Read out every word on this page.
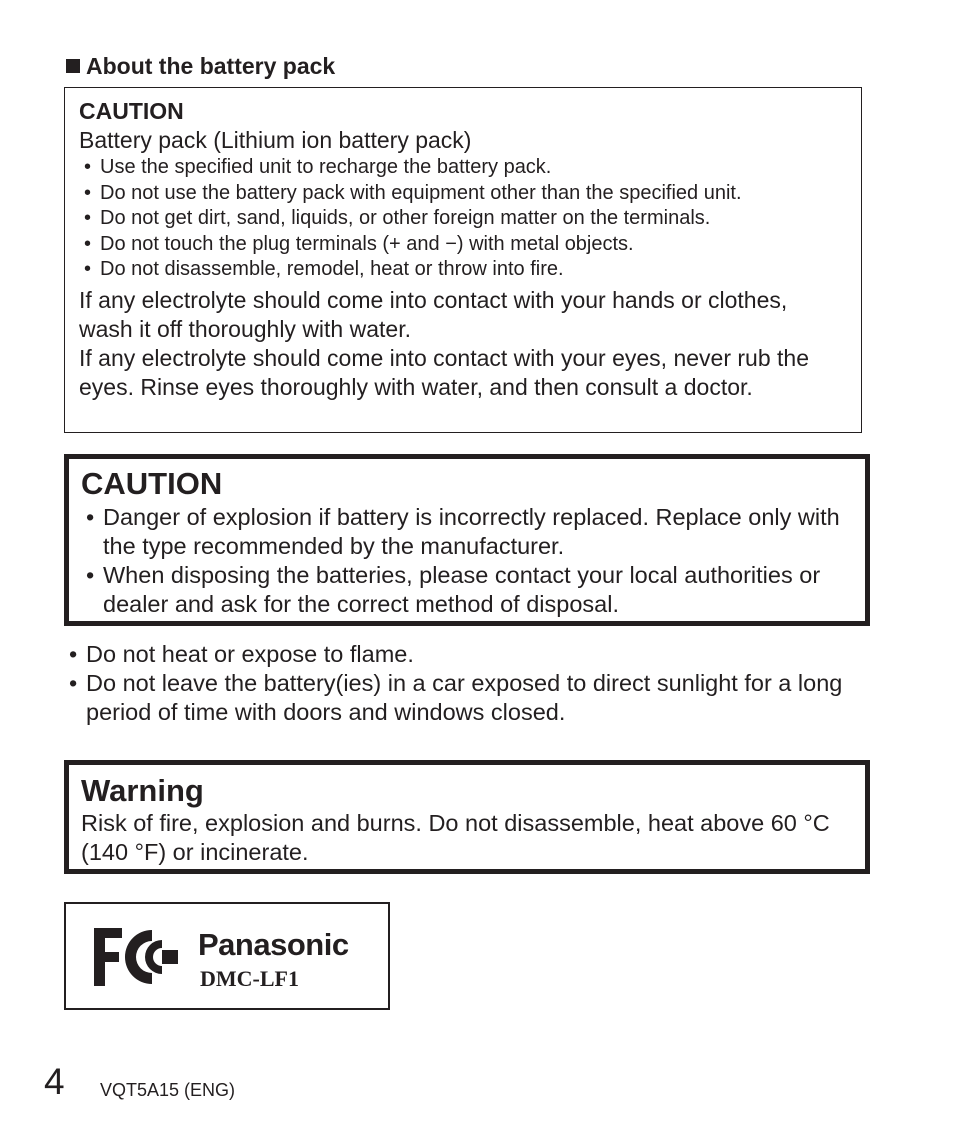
About the battery pack
CAUTION
Battery pack (Lithium ion battery pack)
• Use the specified unit to recharge the battery pack.
• Do not use the battery pack with equipment other than the specified unit.
• Do not get dirt, sand, liquids, or other foreign matter on the terminals.
• Do not touch the plug terminals (+ and −) with metal objects.
• Do not disassemble, remodel, heat or throw into fire.

If any electrolyte should come into contact with your hands or clothes, wash it off thoroughly with water.

If any electrolyte should come into contact with your eyes, never rub the eyes. Rinse eyes thoroughly with water, and then consult a doctor.

CAUTION
• Danger of explosion if battery is incorrectly replaced. Replace only with the type recommended by the manufacturer.
• When disposing the batteries, please contact your local authorities or dealer and ask for the correct method of disposal.
• Do not heat or expose to flame.
• Do not leave the battery(ies) in a car exposed to direct sunlight for a long period of time with doors and windows closed.
Warning

Risk of fire, explosion and burns. Do not disassemble, heat above 60 °C (140 °F) or incinerate.

Panasonic
DMC-LF1
4 VQT5A15 (ENG)
